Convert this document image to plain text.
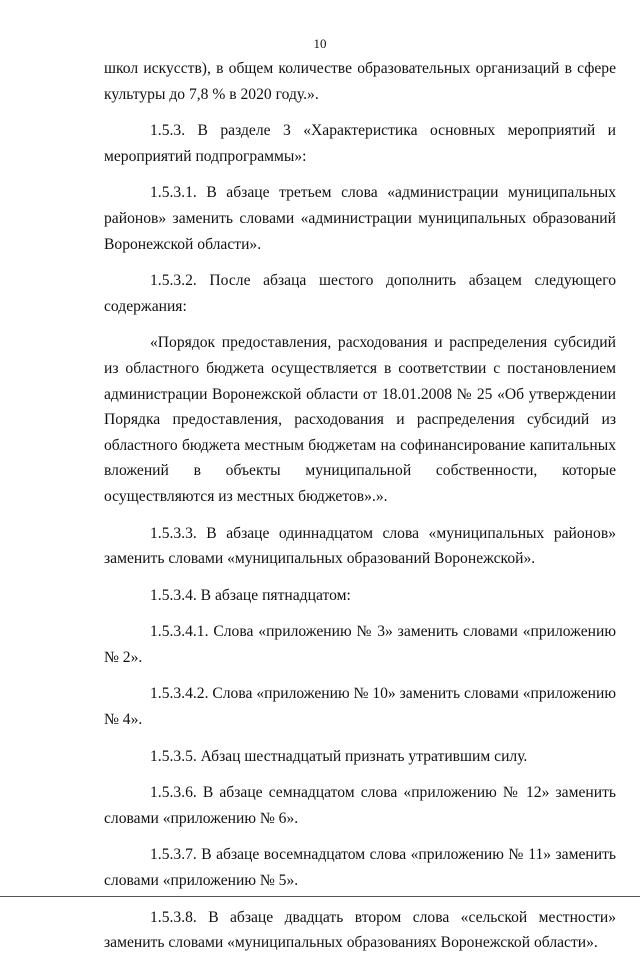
10

школ искусств), в общем количестве образовательных организаций в сфере культуры до 7,8 % в 2020 году.».

1.5.3. В разделе 3 «Характеристика основных мероприятий и мероприятий подпрограммы»:

1.5.3.1. В абзаце третьем слова «администрации муниципальных районов» заменить словами «администрации муниципальных образований Воронежской области».

1.5.3.2. После абзаца шестого дополнить абзацем следующего содержания:

«Порядок предоставления, расходования и распределения субсидий из областного бюджета осуществляется в соответствии с постановлением администрации Воронежской области от 18.01.2008 № 25 «Об утверждении Порядка предоставления, расходования и распределения субсидий из областного бюджета местным бюджетам на софинансирование капитальных вложений в объекты муниципальной собственности, которые осуществляются из местных бюджетов».».

1.5.3.3. В абзаце одиннадцатом слова «муниципальных районов» заменить словами «муниципальных образований Воронежской».

1.5.3.4. В абзаце пятнадцатом:

1.5.3.4.1. Слова «приложению № 3» заменить словами «приложению № 2».

1.5.3.4.2. Слова «приложению № 10» заменить словами «приложению № 4».

1.5.3.5. Абзац шестнадцатый признать утратившим силу.

1.5.3.6. В абзаце семнадцатом слова «приложению № 12» заменить словами «приложению № 6».

1.5.3.7. В абзаце восемнадцатом слова «приложению № 11» заменить словами «приложению № 5».

1.5.3.8. В абзаце двадцать втором слова «сельской местности» заменить словами «муниципальных образованиях Воронежской области».
